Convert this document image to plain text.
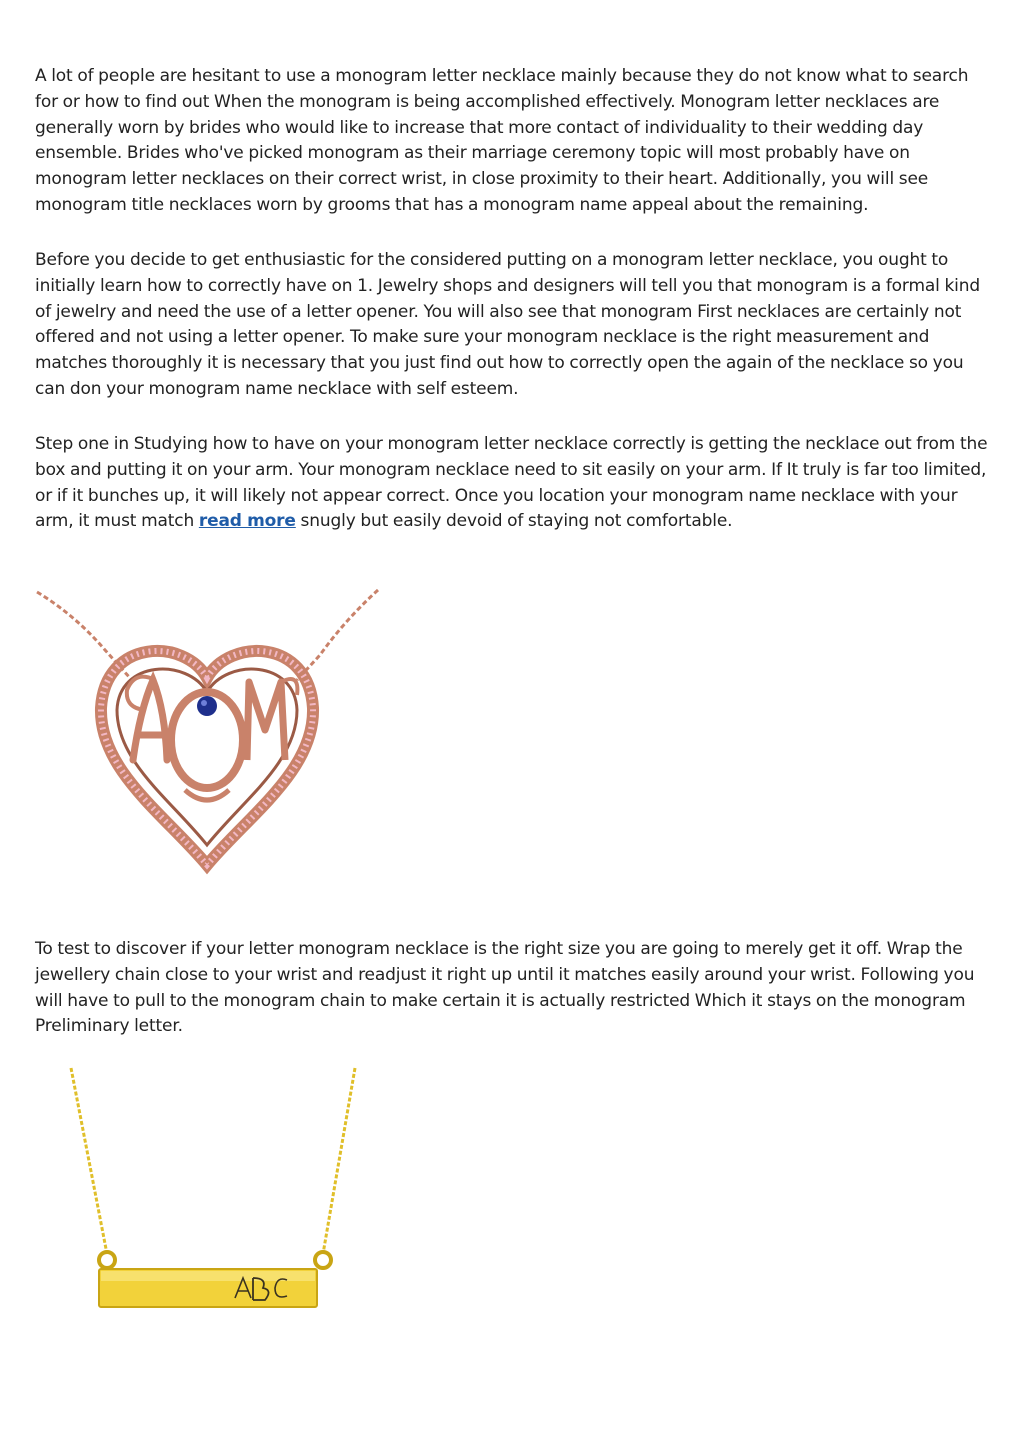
A lot of people are hesitant to use a monogram letter necklace mainly because they do not know what to search for or how to find out When the monogram is being accomplished effectively. Monogram letter necklaces are generally worn by brides who would like to increase that more contact of individuality to their wedding day ensemble. Brides who've picked monogram as their marriage ceremony topic will most probably have on monogram letter necklaces on their correct wrist, in close proximity to their heart. Additionally, you will see monogram title necklaces worn by grooms that has a monogram name appeal about the remaining.

Before you decide to get enthusiastic for the considered putting on a monogram letter necklace, you ought to initially learn how to correctly have on 1. Jewelry shops and designers will tell you that monogram is a formal kind of jewelry and need the use of a letter opener. You will also see that monogram First necklaces are certainly not offered and not using a letter opener. To make sure your monogram necklace is the right measurement and matches thoroughly it is necessary that you just find out how to correctly open the again of the necklace so you can don your monogram name necklace with self esteem.

Step one in Studying how to have on your monogram letter necklace correctly is getting the necklace out from the box and putting it on your arm. Your monogram necklace need to sit easily on your arm. If It truly is far too limited, or if it bunches up, it will likely not appear correct. Once you location your monogram name necklace with your arm, it must match read more snugly but easily devoid of staying not comfortable.

To test to discover if your letter monogram necklace is the right size you are going to merely get it off. Wrap the jewellery chain close to your wrist and readjust it right up until it matches easily around your wrist. Following you will have to pull to the monogram chain to make certain it is actually restricted Which it stays on the monogram Preliminary letter.
